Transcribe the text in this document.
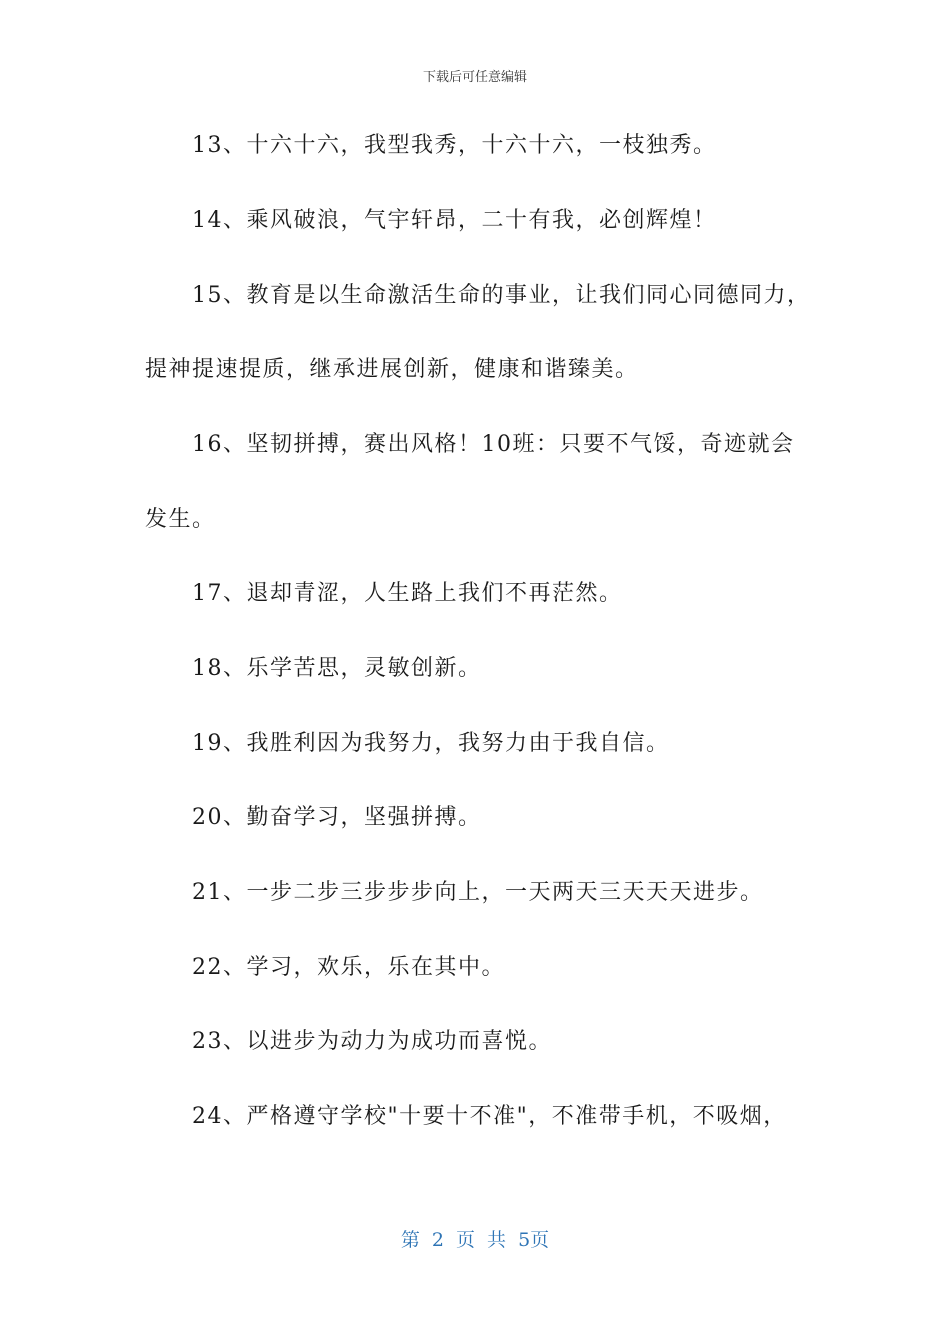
下载后可任意编辑
13、十六十六，我型我秀，十六十六，一枝独秀。
14、乘风破浪，气宇轩昂，二十有我，必创辉煌！
15、教育是以生命激活生命的事业，让我们同心同德同力，
提神提速提质，继承进展创新，健康和谐臻美。
16、坚韧拼搏，赛出风格！10班：只要不气馁，奇迹就会
发生。
17、退却青涩，人生路上我们不再茫然。
18、乐学苦思，灵敏创新。
19、我胜利因为我努力，我努力由于我自信。
20、勤奋学习，坚强拼搏。
21、一步二步三步步步向上，一天两天三天天天进步。
22、学习，欢乐，乐在其中。
23、以进步为动力为成功而喜悦。
24、严格遵守学校"十要十不准"，不准带手机，不吸烟，
第 2 页 共 5页
